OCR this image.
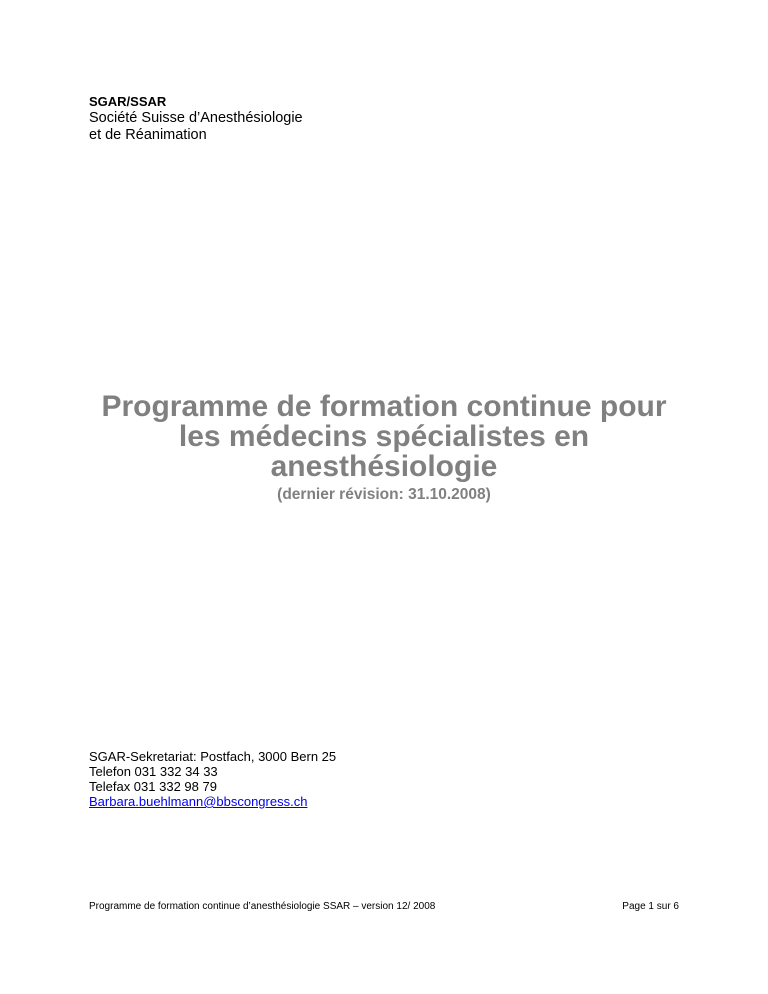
SGAR/SSAR

Société Suisse d’Anesthésiologie

et de Réanimation

Programme de formation continue pour

les médecins spécialistes en

anesthésiologie

(dernier révision: 31.10.2008)

SGAR-Sekretariat: Postfach, 3000 Bern 25

Telefon 031 332 34 33

Telefax 031 332 98 79

Barbara.buehlmann@bbscongress.ch

Programme de formation continue d’anesthésiologie SSAR – version 12/ 2008	Page 1 sur 6
